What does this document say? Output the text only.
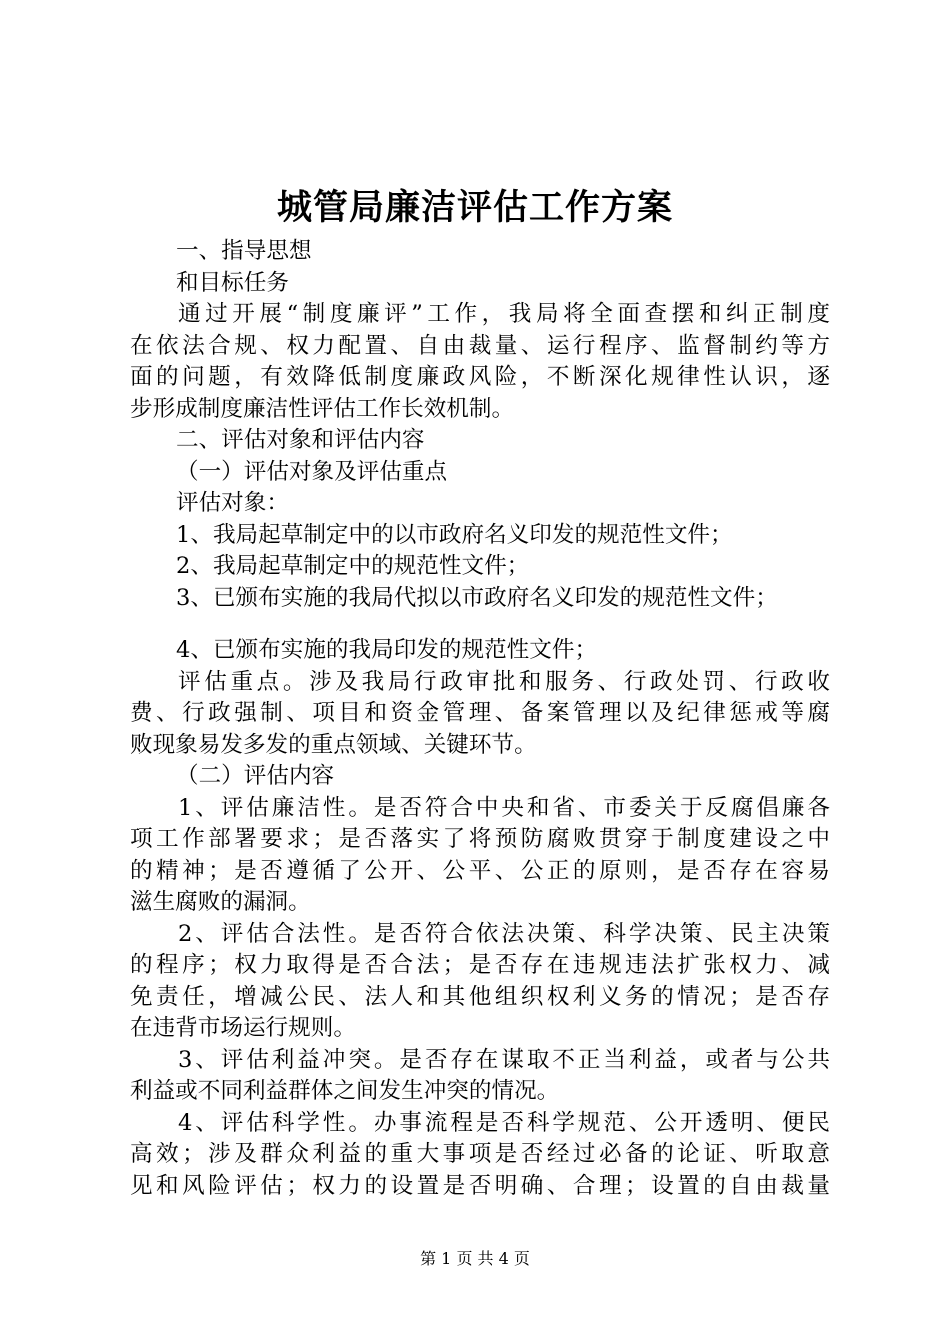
城管局廉洁评估工作方案
一、指导思想
和目标任务
通过开展“制度廉评”工作，我局将全面查摆和纠正制度
在依法合规、权力配置、自由裁量、运行程序、监督制约等方
面的问题，有效降低制度廉政风险，不断深化规律性认识，逐
步形成制度廉洁性评估工作长效机制。
二、评估对象和评估内容
（一）评估对象及评估重点
评估对象：
1、我局起草制定中的以市政府名义印发的规范性文件；
2、我局起草制定中的规范性文件；
3、已颁布实施的我局代拟以市政府名义印发的规范性文件；
4、已颁布实施的我局印发的规范性文件；
评估重点。涉及我局行政审批和服务、行政处罚、行政收
费、行政强制、项目和资金管理、备案管理以及纪律惩戒等腐
败现象易发多发的重点领域、关键环节。
（二）评估内容
1、评估廉洁性。是否符合中央和省、市委关于反腐倡廉各
项工作部署要求；是否落实了将预防腐败贯穿于制度建设之中
的精神；是否遵循了公开、公平、公正的原则，是否存在容易
滋生腐败的漏洞。
2、评估合法性。是否符合依法决策、科学决策、民主决策
的程序；权力取得是否合法；是否存在违规违法扩张权力、减
免责任，增减公民、法人和其他组织权利义务的情况；是否存
在违背市场运行规则。
3、评估利益冲突。是否存在谋取不正当利益，或者与公共
利益或不同利益群体之间发生冲突的情况。
4、评估科学性。办事流程是否科学规范、公开透明、便民
高效；涉及群众利益的重大事项是否经过必备的论证、听取意
见和风险评估；权力的设置是否明确、合理；设置的自由裁量
第 1 页 共 4 页
